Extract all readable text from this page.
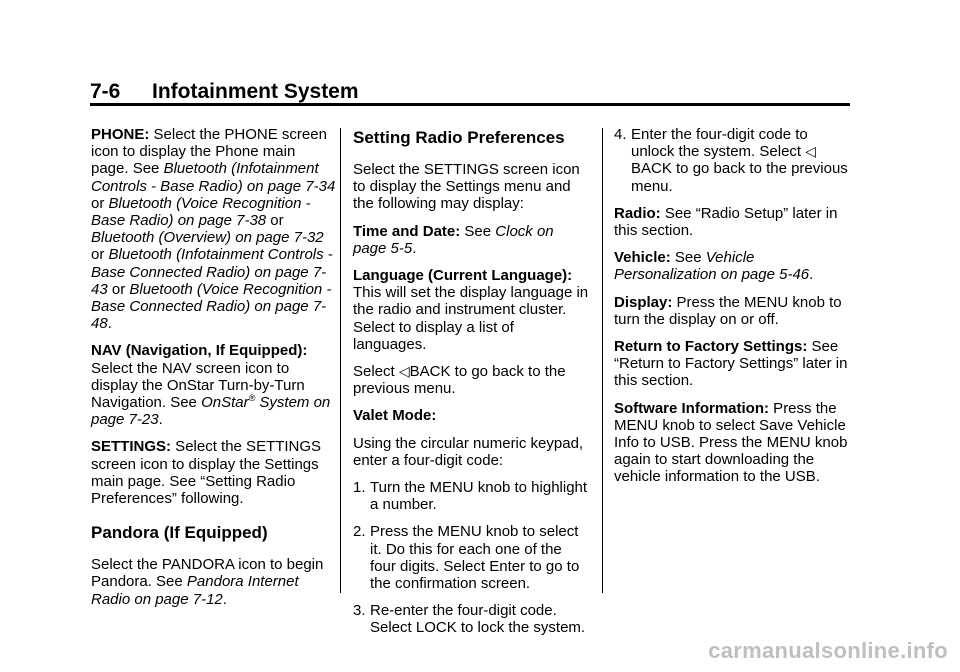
7-6 Infotainment System

PHONE: Select the PHONE screen icon to display the Phone main page. See Bluetooth (Infotainment Controls - Base Radio) on page 7-34 or Bluetooth (Voice Recognition - Base Radio) on page 7-38 or Bluetooth (Overview) on page 7-32 or Bluetooth (Infotainment Controls - Base Connected Radio) on page 7-43 or Bluetooth (Voice Recognition - Base Connected Radio) on page 7-48.

NAV (Navigation, If Equipped): Select the NAV screen icon to display the OnStar Turn-by-Turn Navigation. See OnStar® System on page 7-23.

SETTINGS: Select the SETTINGS screen icon to display the Settings main page. See “Setting Radio Preferences” following.

Pandora (If Equipped)

Select the PANDORA icon to begin Pandora. See Pandora Internet Radio on page 7-12.

Setting Radio Preferences

Select the SETTINGS screen icon to display the Settings menu and the following may display:

Time and Date: See Clock on page 5-5.

Language (Current Language): This will set the display language in the radio and instrument cluster. Select to display a list of languages.

Select ◁BACK to go back to the previous menu.

Valet Mode:

Using the circular numeric keypad, enter a four-digit code:

1. Turn the MENU knob to highlight a number.
2. Press the MENU knob to select it. Do this for each one of the four digits. Select Enter to go to the confirmation screen.
3. Re-enter the four-digit code. Select LOCK to lock the system.
4. Enter the four-digit code to unlock the system. Select ◁ BACK to go back to the previous menu.

Radio: See “Radio Setup” later in this section.

Vehicle: See Vehicle Personalization on page 5-46.

Display: Press the MENU knob to turn the display on or off.

Return to Factory Settings: See “Return to Factory Settings” later in this section.

Software Information: Press the MENU knob to select Save Vehicle Info to USB. Press the MENU knob again to start downloading the vehicle information to the USB.

carmanualsonline.info
